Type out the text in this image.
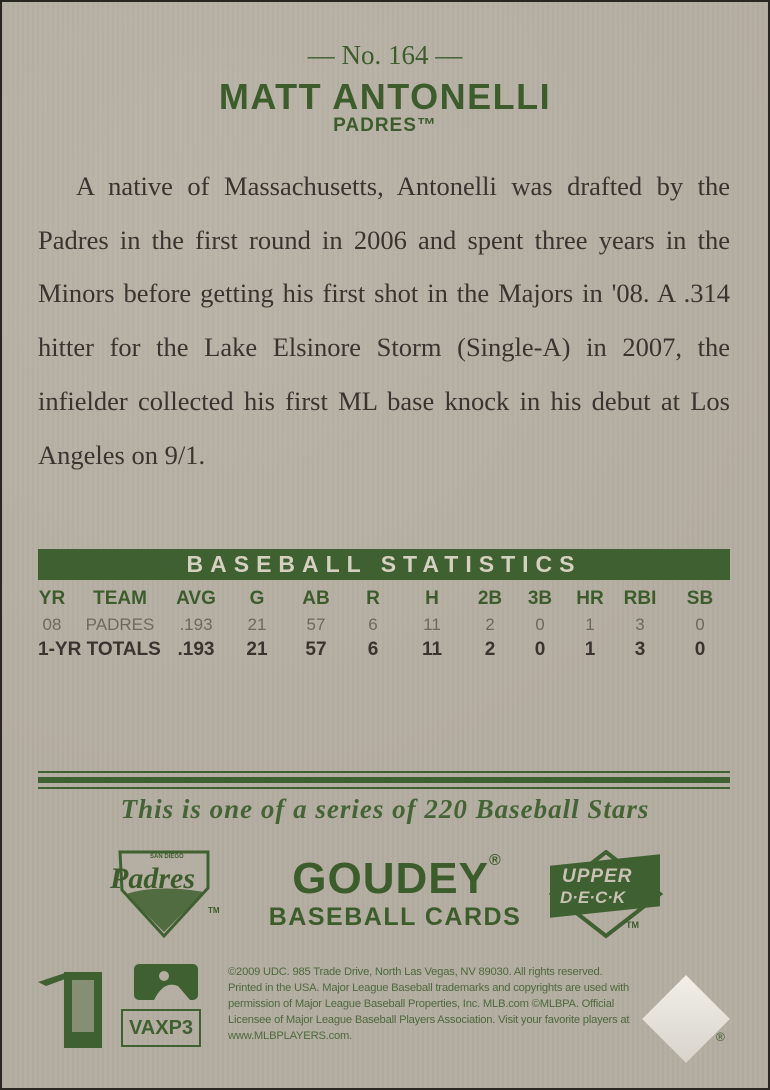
— No. 164 —
MATT ANTONELLI
PADRES™

A native of Massachusetts, Antonelli was drafted by the Padres in the first round in 2006 and spent three years in the Minors before getting his first shot in the Majors in '08. A .314 hitter for the Lake Elsinore Storm (Single-A) in 2007, the infielder collected his first ML base knock in his debut at Los Angeles on 9/1.

BASEBALL STATISTICS
YR TEAM AVG G AB R H 2B 3B HR RBI SB
08 PADRES .193 21 57	6	11	2 0 1 3	0
1-YR TOTALS .193 21 57 6 11 2 0 1 3	0
This is one of a series of 220 Baseball Stars
SAN DIEGO
Padres
TM
GOUDEY®
BASEBALL CARDS
UPPER
D·E·C·K
TM
VAXP3
©2009 UDC. 985 Trade Drive, North Las Vegas, NV 89030. All rights reserved. Printed in the USA. Major League Baseball trademarks and copyrights are used with permission of Major League Baseball Properties, Inc. MLB.com ©MLBPA. Official Licensee of Major League Baseball Players Association. Visit your favorite players at www.MLBPLAYERS.com.	®
